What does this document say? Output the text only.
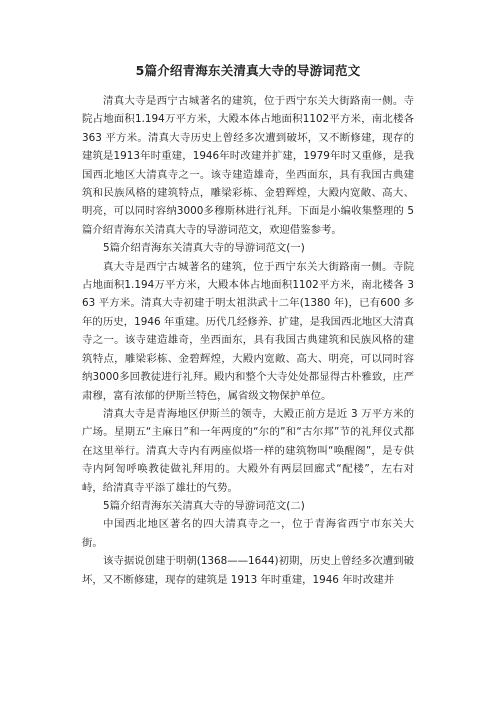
5篇介绍青海东关清真大寺的导游词范文

清真大寺是西宁古城著名的建筑，位于西宁东关大街路南一侧。寺院占地面积1.194万平方米，大殿本体占地面积1102平方米，南北楼各 363 平方米。清真大寺历史上曾经多次遭到破坏，又不断修建，现存的建筑是1913年时重建，1946年时改建并扩建，1979年时又重修，是我国西北地区大清真寺之一。该寺建造雄奇，坐西面东，具有我国古典建筑和民族风格的建筑特点，雕梁彩栋、金碧辉煌，大殿内宽敞、高大、明亮，可以同时容纳3000多穆斯林进行礼拜。下面是小编收集整理的 5 篇介绍青海东关清真大寺的导游词范文，欢迎借鉴参考。

5篇介绍青海东关清真大寺的导游词范文(一)

真大寺是西宁古城著名的建筑，位于西宁东关大街路南一侧。寺院占地面积1.194万平方米，大殿本体占地面积1102平方米，南北楼各 363 平方米。清真大寺初建于明太祖洪武十二年(1380 年)，已有600 多年的历史，1946 年重建。历代几经修养、扩建，是我国西北地区大清真寺之一。该寺建造雄奇，坐西面东，具有我国古典建筑和民族风格的建筑特点，雕梁彩栋、金碧辉煌，大殿内宽敞、高大、明亮，可以同时容纳3000多回教徒进行礼拜。殿内和整个大寺处处都显得古朴雅致，庄严肃穆，富有浓郁的伊斯兰特色，属省级文物保护单位。

清真大寺是青海地区伊斯兰的领寺，大殿正前方是近 3 万平方米的广场。星期五“主麻日”和一年两度的“尔的”和“古尔邦”节的礼拜仪式都在这里举行。清真大寺内有两座似塔一样的建筑物叫“唤醒阁”，是专供寺内阿訇呼唤教徒做礼拜用的。大殿外有两层回廊式“配楼”，左右对峙，给清真寺平添了雄壮的气势。

5篇介绍青海东关清真大寺的导游词范文(二)

中国西北地区著名的四大清真寺之一，位于青海省西宁市东关大街。

该寺据说创建于明朝(1368——1644)初期，历史上曾经多次遭到破坏，又不断修建，现存的建筑是 1913 年时重建，1946 年时改建并
